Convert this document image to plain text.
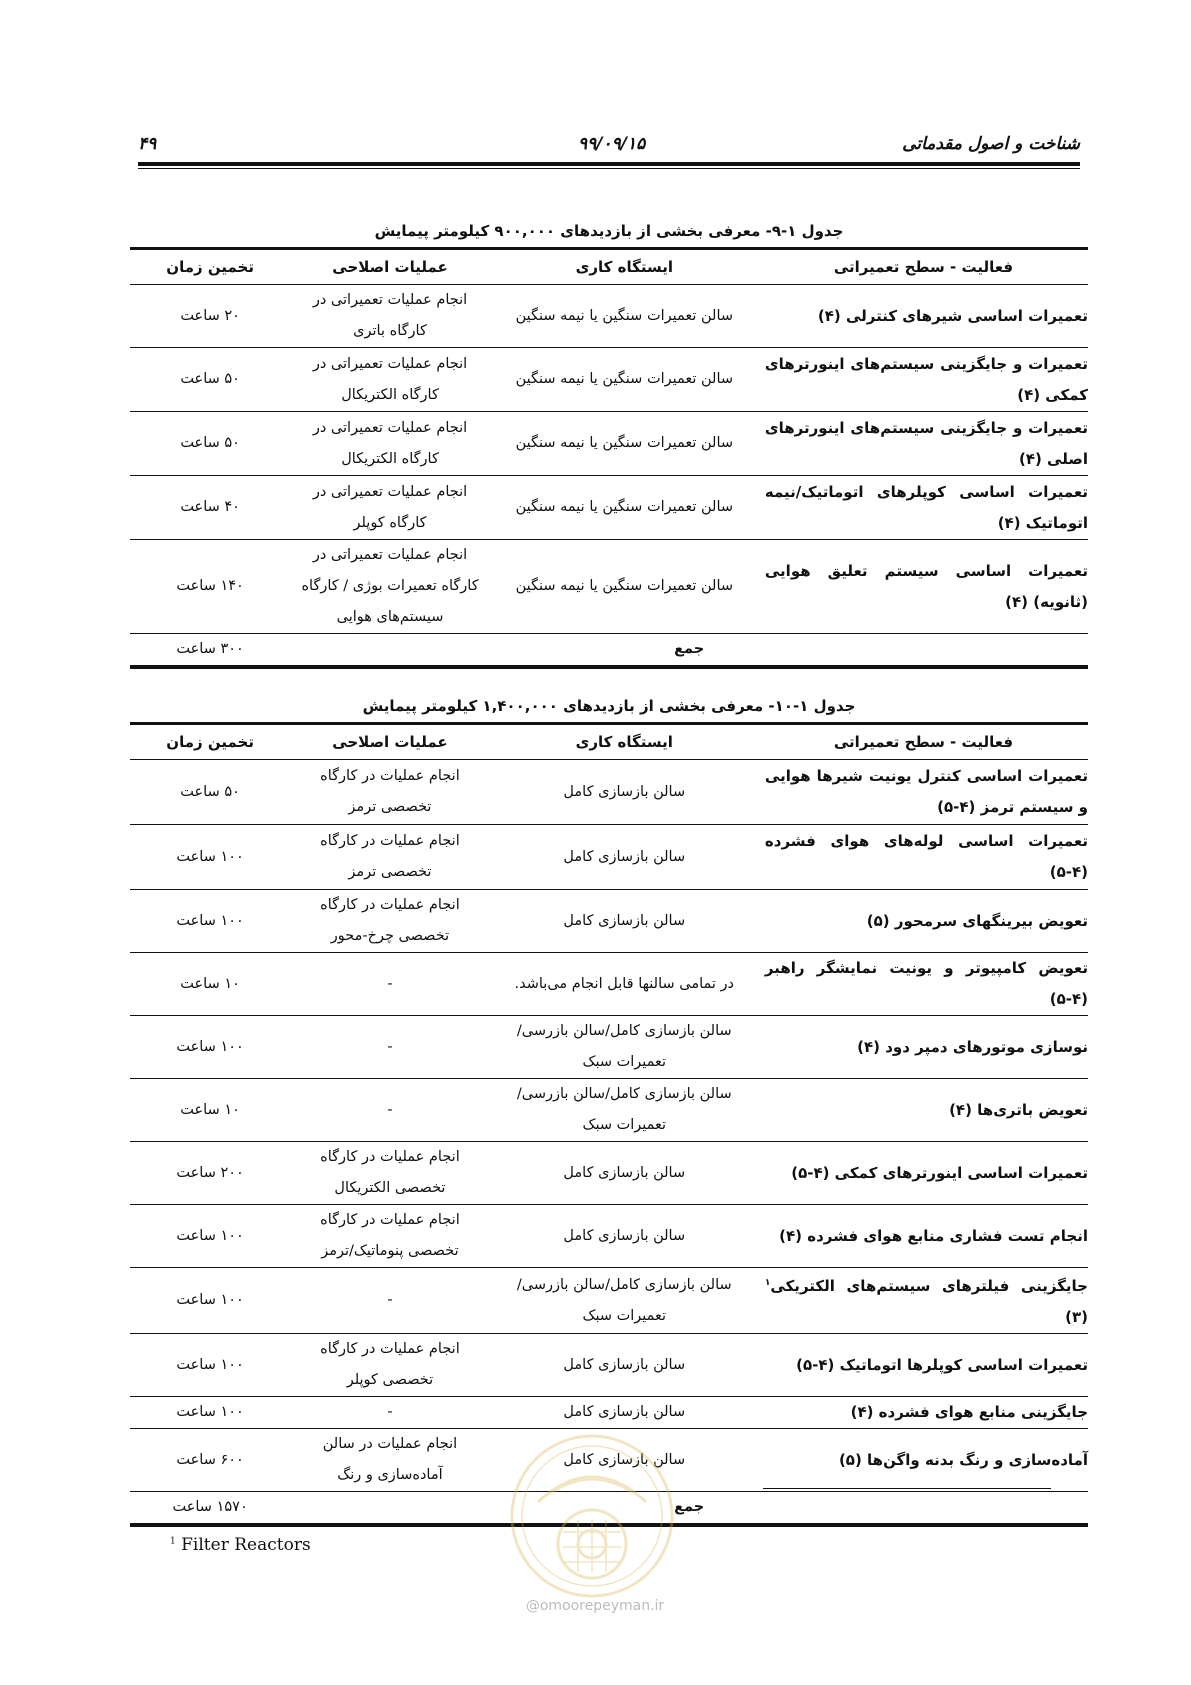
شناخت و اصول مقدماتی
۹۹/۰۹/۱۵
۴۹
جدول ۱-۹- معرفی بخشی از بازدیدهای ۹۰۰,۰۰۰ کیلومتر پیمایش
فعالیت - سطح تعمیراتی	ایستگاه کاری	عملیات اصلاحی	تخمین زمان
تعمیرات اساسی شیرهای کنترلی (۴)	سالن تعمیرات سنگین یا نیمه سنگین	انجام عملیات تعمیراتی در کارگاه باتری	۲۰ ساعت
تعمیرات و جایگزینی سیستم‌های اینورترهای کمکی (۴)	سالن تعمیرات سنگین یا نیمه سنگین	انجام عملیات تعمیراتی در کارگاه الکتریکال	۵۰ ساعت
تعمیرات و جایگزینی سیستم‌های اینورترهای اصلی (۴)	سالن تعمیرات سنگین یا نیمه سنگین	انجام عملیات تعمیراتی در کارگاه الکتریکال	۵۰ ساعت
تعمیرات اساسی کوپلرهای اتوماتیک/نیمه اتوماتیک (۴)	سالن تعمیرات سنگین یا نیمه سنگین	انجام عملیات تعمیراتی در کارگاه کوپلر	۴۰ ساعت
تعمیرات اساسی سیستم تعلیق هوایی (ثانویه) (۴)	سالن تعمیرات سنگین یا نیمه سنگین	انجام عملیات تعمیراتی در کارگاه تعمیرات بوژی / کارگاه سیستم‌های هوایی	۱۴۰ ساعت
جمع			۳۰۰ ساعت
جدول ۱-۱۰- معرفی بخشی از بازدیدهای ۱,۴۰۰,۰۰۰ کیلومتر پیمایش
فعالیت - سطح تعمیراتی	ایستگاه کاری	عملیات اصلاحی	تخمین زمان
تعمیرات اساسی کنترل یونیت شیرها هوایی و سیستم ترمز (۴-۵)	سالن بازسازی کامل	انجام عملیات در کارگاه تخصصی ترمز	۵۰ ساعت
تعمیرات اساسی لوله‌های هوای فشرده (۴-۵)	سالن بازسازی کامل	انجام عملیات در کارگاه تخصصی ترمز	۱۰۰ ساعت
تعویض بیرینگهای سرمحور (۵)	سالن بازسازی کامل	انجام عملیات در کارگاه تخصصی چرخ-محور	۱۰۰ ساعت
تعویض کامپیوتر و یونیت نمایشگر راهبر (۴-۵)	در تمامی سالنها قابل انجام می‌باشد.	-	۱۰ ساعت
نوسازی موتورهای دمپر دود (۴)	سالن بازسازی کامل/سالن بازرسی/تعمیرات سبک	-	۱۰۰ ساعت
تعویض باتری‌ها (۴)	سالن بازسازی کامل/سالن بازرسی/تعمیرات سبک	-	۱۰ ساعت
تعمیرات اساسی اینورترهای کمکی (۴-۵)	سالن بازسازی کامل	انجام عملیات در کارگاه تخصصی الکتریکال	۲۰۰ ساعت
انجام تست فشاری منابع هوای فشرده (۴)	سالن بازسازی کامل	انجام عملیات در کارگاه تخصصی پنوماتیک/ترمز	۱۰۰ ساعت
جایگزینی فیلترهای سیستم‌های الکتریکی$^۱$ (۳)	سالن بازسازی کامل/سالن بازرسی/تعمیرات سبک	-	۱۰۰ ساعت
تعمیرات اساسی کوپلرها اتوماتیک (۴-۵)	سالن بازسازی کامل	انجام عملیات در کارگاه تخصصی کوپلر	۱۰۰ ساعت
جایگزینی منابع هوای فشرده (۴)	سالن بازسازی کامل	-	۱۰۰ ساعت
آماده‌سازی و رنگ بدنه واگن‌ها (۵)	سالن بازسازی کامل	انجام عملیات در سالن آماده‌سازی و رنگ	۶۰۰ ساعت
جمع			۱۵۷۰ ساعت
$^1$ Filter Reactors
@omoorepeyman.ir
